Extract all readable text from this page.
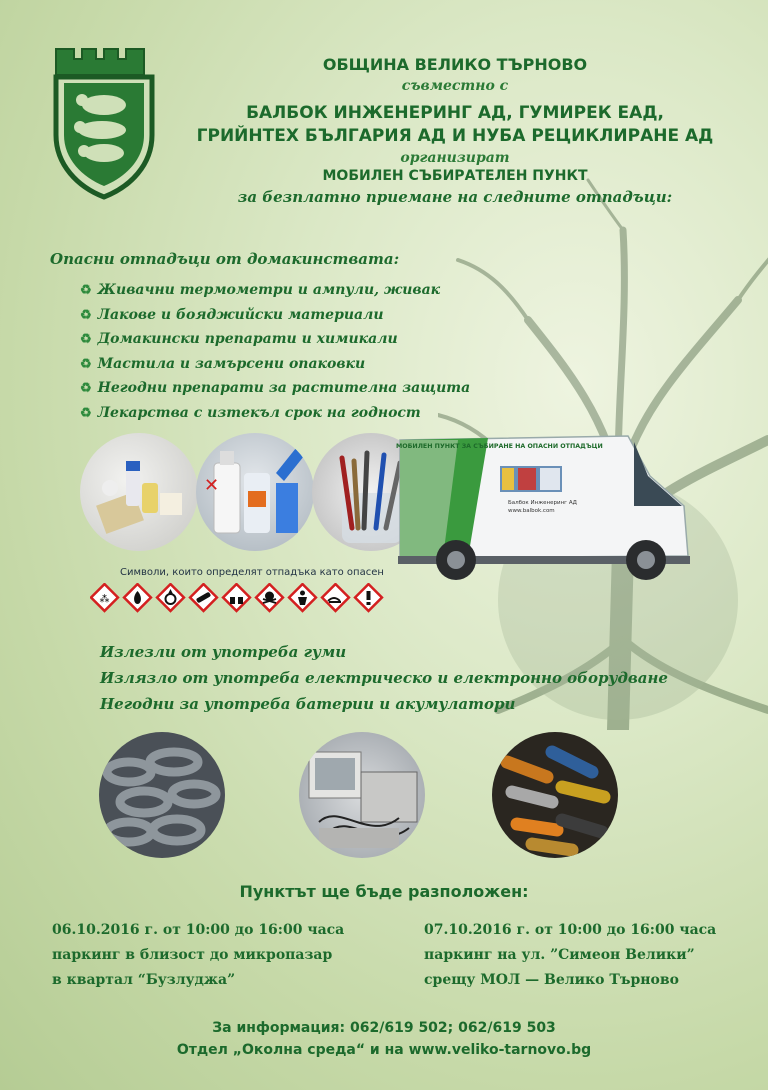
ОБЩИНА ВЕЛИКО ТЪРНОВО
съвместно с
БАЛБОК ИНЖЕНЕРИНГ АД, ГУМИРЕК ЕАД,
ГРИЙНТЕХ БЪЛГАРИЯ АД И НУБА РЕЦИКЛИРАНЕ АД
организират
МОБИЛЕН СЪБИРАТЕЛЕН ПУНКТ
за безплатно приемане на следните отпадъци:
Опасни отпадъци от домакинствата:
♻ Живачни термометри и ампули, живак
♻ Лакове и бояджийски материали
♻ Домакински препарати и химикали
♻ Мастила и замърсени опаковки
♻ Негодни препарати за растителна защита
♻ Лекарства с изтекъл срок на годност
✕
МОБИЛЕН ПУНКТ ЗА СЪБИРАНЕ НА ОПАСНИ ОТПАДЪЦИ
Балбок Инженеринг АД
www.balbok.com
Символи, които определят отпадъка като опасен
⁂
Излезли от употреба гуми
Излязло от употреба електрическо и електронно оборудване
Негодни за употреба батерии и акумулатори
Пунктът ще бъде разположен:
06.10.2016 г. от 10:00 до 16:00 часа
паркинг в близост до микропазар
в квартал “Бузлуджа”
07.10.2016 г. от 10:00 до 16:00 часа
паркинг на ул. ”Симеон Велики”
срещу МОЛ — Велико Търново
За информация: 062/619 502; 062/619 503
Отдел „Околна среда“ и на www.veliko-tarnovo.bg
